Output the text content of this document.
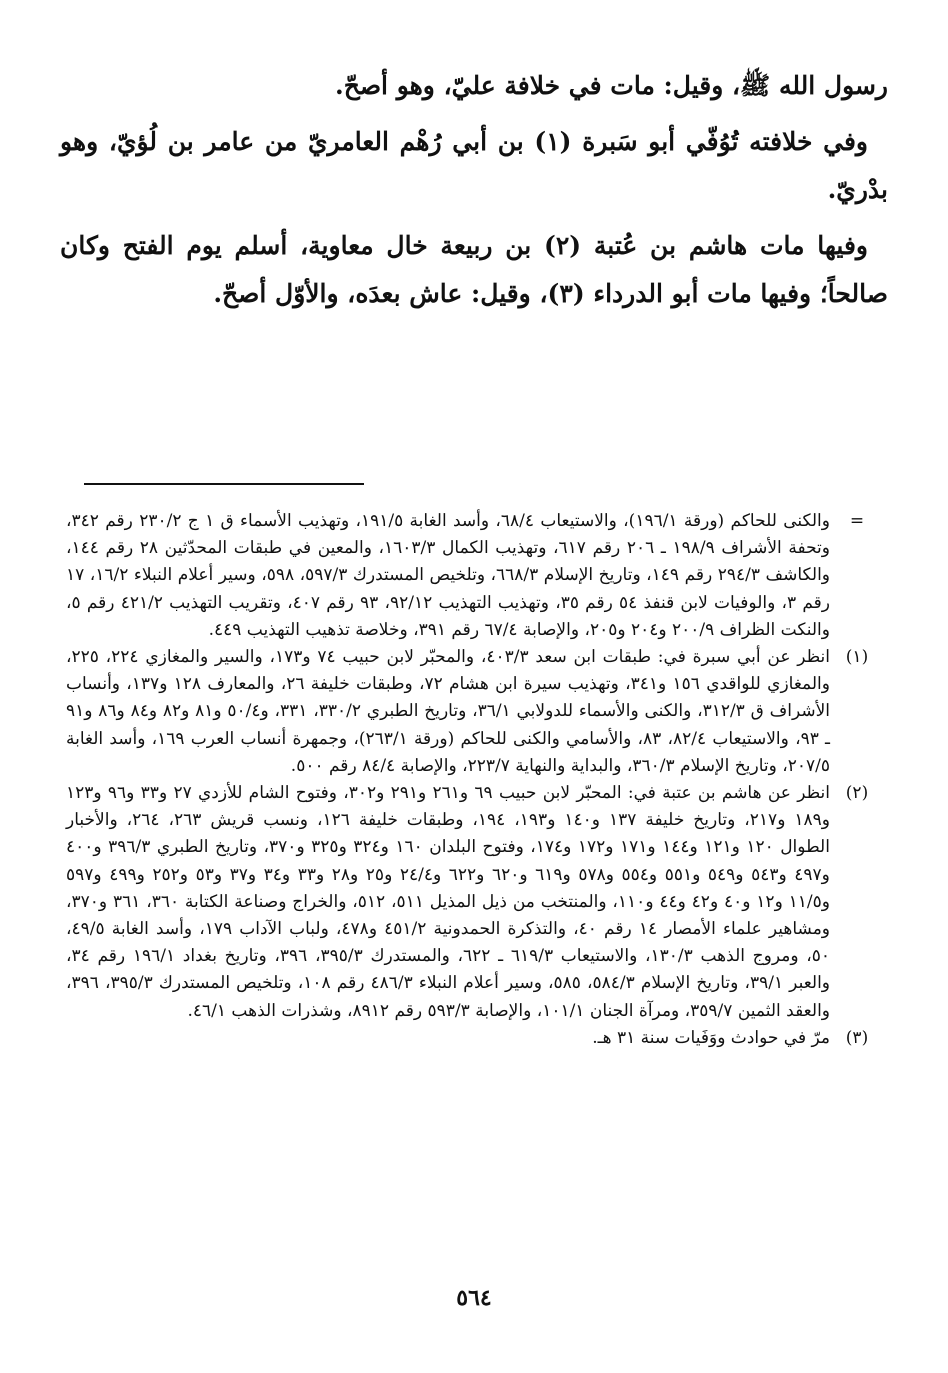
رسول الله ﷺ، وقيل: مات في خلافة عليّ، وهو أصحّ.

وفي خلافته تُوُفّي أبو سَبرة (١) بن أبي رُهْم العامريّ من عامر بن لُؤيّ، وهو بدْريّ.

وفيها مات هاشم بن عُتبة (٢) بن ربيعة خال معاوية، أسلم يوم الفتح وكان صالحاً؛ وفيها مات أبو الدرداء (٣)، وقيل: عاش بعدَه، والأوّل أصحّ.

=
والكنى للحاكم (ورقة ١٩٦/١)، والاستيعاب ٦٨/٤، وأسد الغابة ١٩١/٥، وتهذيب الأسماء ق ١ ج ٢٣٠/٢ رقم ٣٤٢، وتحفة الأشراف ١٩٨/٩ ـ ٢٠٦ رقم ٦١٧، وتهذيب الكمال ١٦٠٣/٣، والمعين في طبقات المحدّثين ٢٨ رقم ١٤٤، والكاشف ٢٩٤/٣ رقم ١٤٩، وتاريخ الإسلام ٦٦٨/٣، وتلخيص المستدرك ٥٩٧/٣، ٥٩٨، وسير أعلام النبلاء ١٦/٢، ١٧ رقم ٣، والوفيات لابن قنفذ ٥٤ رقم ٣٥، وتهذيب التهذيب ٩٢/١٢، ٩٣ رقم ٤٠٧، وتقريب التهذيب ٤٢١/٢ رقم ٥، والنكت الظراف ٢٠٠/٩ و٢٠٤ و٢٠٥، والإصابة ٦٧/٤ رقم ٣٩١، وخلاصة تذهيب التهذيب ٤٤٩.
(١)
انظر عن أبي سبرة في: طبقات ابن سعد ٤٠٣/٣، والمحبّر لابن حبيب ٧٤ و١٧٣، والسير والمغازي ٢٢٤، ٢٢٥، والمغازي للواقدي ١٥٦ و٣٤١، وتهذيب سيرة ابن هشام ٧٢، وطبقات خليفة ٢٦، والمعارف ١٢٨ و١٣٧، وأنساب الأشراف ق ٣١٢/٣، والكنى والأسماء للدولابي ٣٦/١، وتاريخ الطبري ٣٣٠/٢، ٣٣١، و٥٠/٤ و٨١ و٨٢ و٨٤ و٨٦ و٩١ ـ ٩٣، والاستيعاب ٨٢/٤، ٨٣، والأسامي والكنى للحاكم (ورقة ٢٦٣/١)، وجمهرة أنساب العرب ١٦٩، وأسد الغابة ٢٠٧/٥، وتاريخ الإسلام ٣٦٠/٣، والبداية والنهاية ٢٢٣/٧، والإصابة ٨٤/٤ رقم ٥٠٠.
(٢)
انظر عن هاشم بن عتبة في: المحبّر لابن حبيب ٦٩ و٢٦١ و٢٩١ و٣٠٢، وفتوح الشام للأزدي ٢٧ و٣٣ و٩٦ و١٢٣ و١٨٩ و٢١٧، وتاريخ خليفة ١٣٧ و١٤٠ و١٩٣، ١٩٤، وطبقات خليفة ١٢٦، ونسب قريش ٢٦٣، ٢٦٤، والأخبار الطوال ١٢٠ و١٢١ و١٤٤ و١٧١ و١٧٢ و١٧٤، وفتوح البلدان ١٦٠ و٣٢٤ و٣٢٥ و٣٧٠، وتاريخ الطبري ٣٩٦/٣ و٤٠٠ و٤٩٧ و٥٤٣ و٥٤٩ و٥٥١ و٥٥٤ و٥٧٨ و٦١٩ و٦٢٠ و٦٢٢ و٢٤/٤ و٢٥ و٢٨ و٣٣ و٣٤ و٣٧ و٥٣ و٢٥٢ و٤٩٩ و٥٩٧ و١١/٥ و١٢ و٤٠ و٤٢ و٤٤ و١١٠، والمنتخب من ذيل المذيل ٥١١، ٥١٢، والخراج وصناعة الكتابة ٣٦٠، ٣٦١ و٣٧٠، ومشاهير علماء الأمصار ١٤ رقم ٤٠، والتذكرة الحمدونية ٤٥١/٢ و٤٧٨، ولباب الآداب ١٧٩، وأسد الغابة ٤٩/٥، ٥٠، ومروج الذهب ١٣٠/٣، والاستيعاب ٦١٩/٣ ـ ٦٢٢، والمستدرك ٣٩٥/٣، ٣٩٦، وتاريخ بغداد ١٩٦/١ رقم ٣٤، والعبر ٣٩/١، وتاريخ الإسلام ٥٨٤/٣، ٥٨٥، وسير أعلام النبلاء ٤٨٦/٣ رقم ١٠٨، وتلخيص المستدرك ٣٩٥/٣، ٣٩٦، والعقد الثمين ٣٥٩/٧، ومرآة الجنان ١٠١/١، والإصابة ٥٩٣/٣ رقم ٨٩١٢، وشذرات الذهب ٤٦/١.
(٣)
مرّ في حوادث ووَفَيات سنة ٣١ هـ.
٥٦٤
